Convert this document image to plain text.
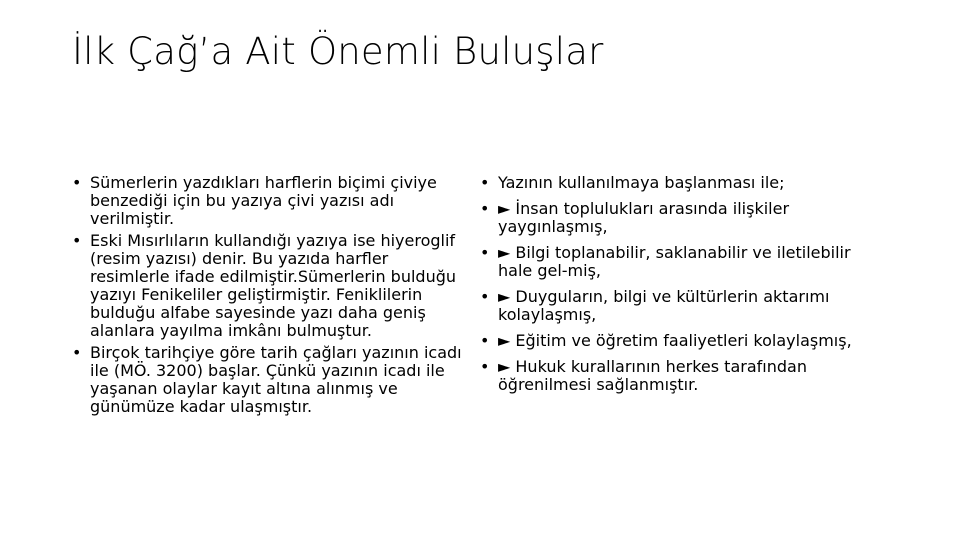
İlk Çağ’a Ait Önemli Buluşlar
• Sümerlerin yazdıkları harflerin biçimi çiviye benzediği için bu yazıya çivi yazısı adı verilmiştir.
• Eski Mısırlıların kullandığı yazıya ise hiyeroglif (resim yazısı) denir. Bu yazıda harfler resimlerle ifade edilmiştir.Sümerlerin bulduğu yazıyı Fenikeliler geliştirmiştir. Feniklilerin bulduğu alfabe sayesinde yazı daha geniş alanlara yayılma imkânı bulmuştur.
• Birçok tarihçiye göre tarih çağları yazının icadı ile (MÖ. 3200) başlar. Çünkü yazının icadı ile yaşanan olaylar kayıt altına alınmış ve günümüze kadar ulaşmıştır.
• Yazının kullanılmaya başlanması ile;
• ► İnsan toplulukları arasında ilişkiler yaygınlaşmış,
• ► Bilgi toplanabilir, saklanabilir ve iletilebilir hale gel-miş,
• ► Duyguların, bilgi ve kültürlerin aktarımı kolaylaşmış,
• ► Eğitim ve öğretim faaliyetleri kolaylaşmış,
• ► Hukuk kurallarının herkes tarafından öğrenilmesi sağlanmıştır.
